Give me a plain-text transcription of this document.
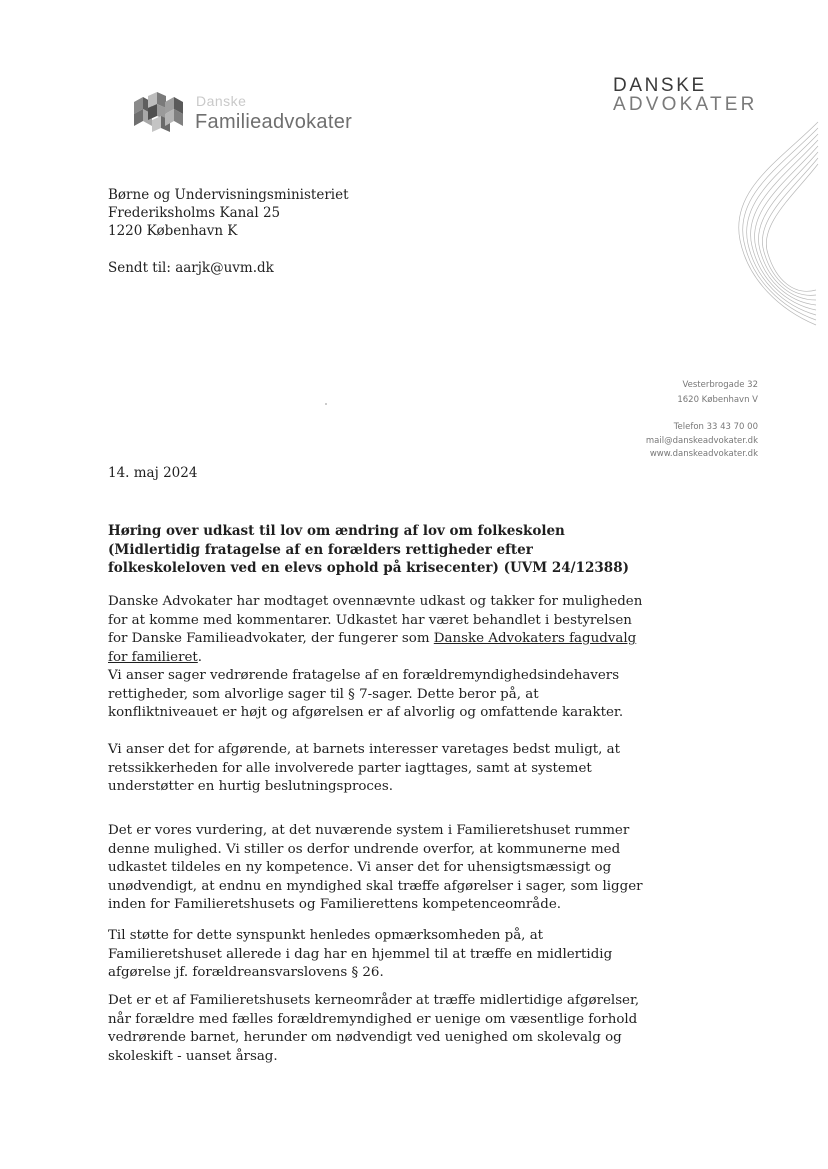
Danske
Familieadvokater
DANSKE
ADVOKATER
Børne og Undervisningsministeriet
Frederiksholms Kanal 25
1220 København K
Sendt til: aarjk@uvm.dk
Vesterbrogade 32
1620 København V
Telefon 33 43 70 00
mail@danskeadvokater.dk
www.danskeadvokater.dk
14. maj 2024
Høring over udkast til lov om ændring af lov om folkeskolen (Midlertidig fratagelse af en forælders rettigheder efter folkeskoleloven ved en elevs ophold på krisecenter) (UVM 24/12388)

Danske Advokater har modtaget ovennævnte udkast og takker for muligheden for at komme med kommentarer. Udkastet har været behandlet i bestyrelsen for Danske Familieadvokater, der fungerer som Danske Advokaters fagudvalg for familieret.

Vi anser sager vedrørende fratagelse af en forældremyndighedsindehavers rettigheder, som alvorlige sager til § 7-sager. Dette beror på, at konfliktniveauet er højt og afgørelsen er af alvorlig og omfattende karakter.

Vi anser det for afgørende, at barnets interesser varetages bedst muligt, at retssikkerheden for alle involverede parter iagttages, samt at systemet understøtter en hurtig beslutningsproces.

Det er vores vurdering, at det nuværende system i Familieretshuset rummer denne mulighed. Vi stiller os derfor undrende overfor, at kommunerne med udkastet tildeles en ny kompetence. Vi anser det for uhensigtsmæssigt og unødvendigt, at endnu en myndighed skal træffe afgørelser i sager, som ligger inden for Familieretshusets og Familierettens kompetenceområde.

Til støtte for dette synspunkt henledes opmærksomheden på, at Familieretshuset allerede i dag har en hjemmel til at træffe en midlertidig afgørelse jf. forældreansvarslovens § 26.

Det er et af Familieretshusets kerneområder at træffe midlertidige afgørelser, når forældre med fælles forældremyndighed er uenige om væsentlige forhold vedrørende barnet, herunder om nødvendigt ved uenighed om skolevalg og skoleskift - uanset årsag.
